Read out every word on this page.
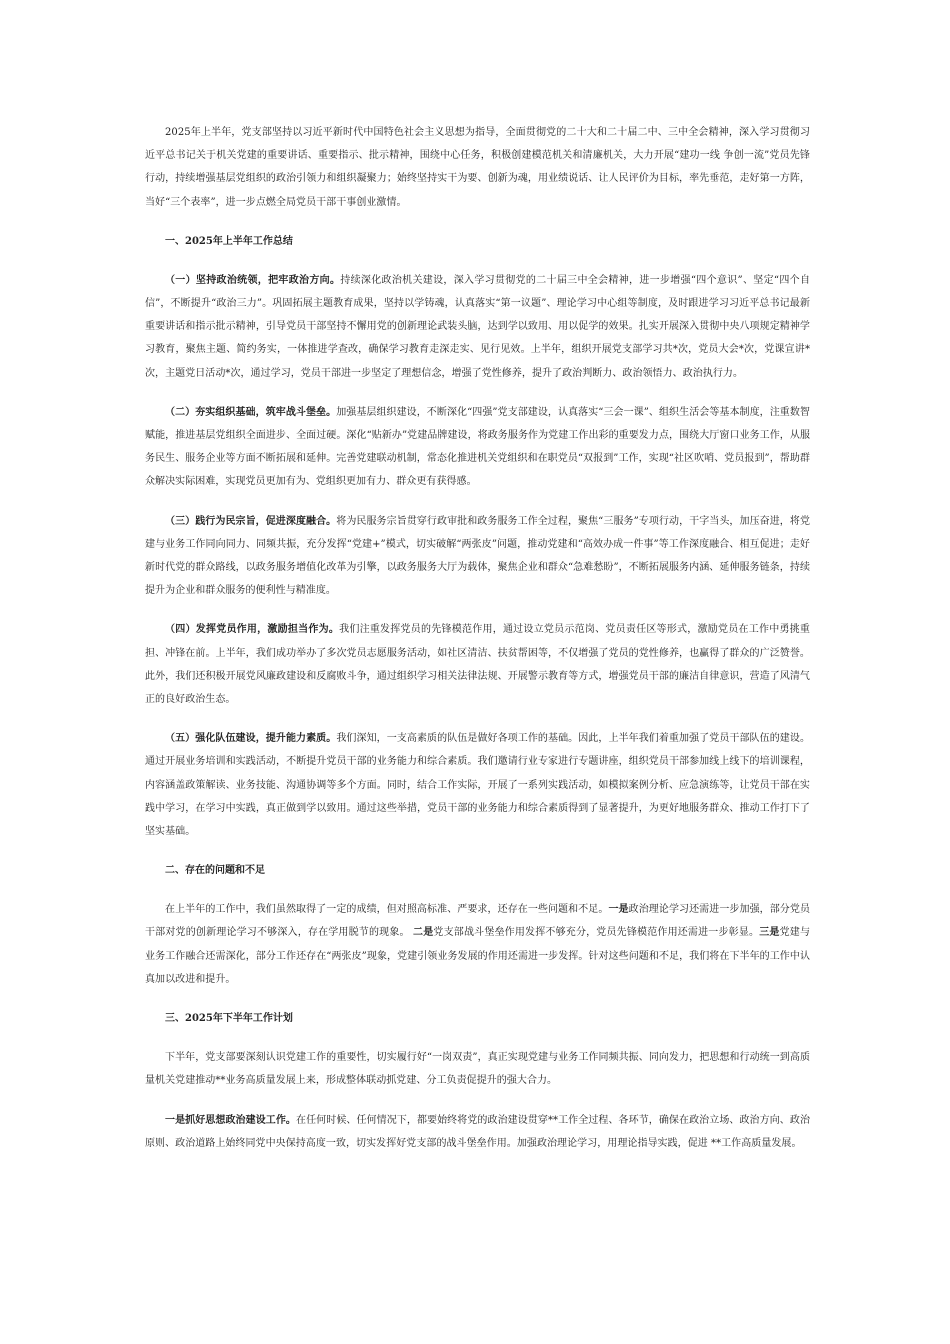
2025年上半年，党支部坚持以习近平新时代中国特色社会主义思想为指导，全面贯彻党的二十大和二十届二中、三中全会精神，深入学习贯彻习近平总书记关于机关党建的重要讲话、重要指示、批示精神，围绕中心任务，积极创建模范机关和清廉机关，大力开展“建功一线 争创一流”党员先锋行动，持续增强基层党组织的政治引领力和组织凝聚力；始终坚持实干为要、创新为魂，用业绩说话、让人民评价为目标，率先垂范，走好第一方阵，当好“三个表率”，进一步点燃全局党员干部干事创业激情。

一、2025年上半年工作总结

（一）坚持政治统领，把牢政治方向。持续深化政治机关建设，深入学习贯彻党的二十届三中全会精神，进一步增强“四个意识”、坚定“四个自信”，不断提升“政治三力”。巩固拓展主题教育成果，坚持以学铸魂，认真落实“第一议题”、理论学习中心组等制度，及时跟进学习习近平总书记最新重要讲话和指示批示精神，引导党员干部坚持不懈用党的创新理论武装头脑，达到学以致用、用以促学的效果。扎实开展深入贯彻中央八项规定精神学习教育，聚焦主题、简约务实，一体推进学查改，确保学习教育走深走实、见行见效。上半年，组织开展党支部学习共*次，党员大会*次，党课宣讲*次，主题党日活动*次，通过学习，党员干部进一步坚定了理想信念，增强了党性修养，提升了政治判断力、政治领悟力、政治执行力。

（二）夯实组织基础，筑牢战斗堡垒。加强基层组织建设，不断深化“四强”党支部建设，认真落实“三会一课”、组织生活会等基本制度，注重数智赋能，推进基层党组织全面进步、全面过硬。深化“贴新办”党建品牌建设，将政务服务作为党建工作出彩的重要发力点，围绕大厅窗口业务工作，从服务民生、服务企业等方面不断拓展和延伸。完善党建联动机制，常态化推进机关党组织和在职党员“双报到”工作，实现“社区吹哨、党员报到”，帮助群众解决实际困难，实现党员更加有为、党组织更加有力、群众更有获得感。

（三）践行为民宗旨，促进深度融合。将为民服务宗旨贯穿行政审批和政务服务工作全过程，聚焦“三服务”专项行动，干字当头，加压奋进，将党建与业务工作同向同力、同频共振，充分发挥“党建+”模式，切实破解“两张皮”问题，推动党建和“高效办成一件事”等工作深度融合、相互促进；走好新时代党的群众路线，以政务服务增值化改革为引擎，以政务服务大厅为载体，聚焦企业和群众“急难愁盼”，不断拓展服务内涵、延伸服务链条，持续提升为企业和群众服务的便利性与精准度。

（四）发挥党员作用，激励担当作为。我们注重发挥党员的先锋模范作用，通过设立党员示范岗、党员责任区等形式，激励党员在工作中勇挑重担、冲锋在前。上半年，我们成功举办了多次党员志愿服务活动，如社区清洁、扶贫帮困等，不仅增强了党员的党性修养，也赢得了群众的广泛赞誉。此外，我们还积极开展党风廉政建设和反腐败斗争，通过组织学习相关法律法规、开展警示教育等方式，增强党员干部的廉洁自律意识，营造了风清气正的良好政治生态。

（五）强化队伍建设，提升能力素质。我们深知，一支高素质的队伍是做好各项工作的基础。因此，上半年我们着重加强了党员干部队伍的建设。通过开展业务培训和实践活动，不断提升党员干部的业务能力和综合素质。我们邀请行业专家进行专题讲座，组织党员干部参加线上线下的培训课程，内容涵盖政策解读、业务技能、沟通协调等多个方面。同时，结合工作实际，开展了一系列实践活动，如模拟案例分析、应急演练等，让党员干部在实践中学习，在学习中实践，真正做到学以致用。通过这些举措，党员干部的业务能力和综合素质得到了显著提升，为更好地服务群众、推动工作打下了坚实基础。

二、存在的问题和不足

在上半年的工作中，我们虽然取得了一定的成绩，但对照高标准、严要求，还存在一些问题和不足。一是政治理论学习还需进一步加强，部分党员干部对党的创新理论学习不够深入，存在学用脱节的现象。 二是党支部战斗堡垒作用发挥不够充分，党员先锋模范作用还需进一步彰显。三是党建与业务工作融合还需深化，部分工作还存在“两张皮”现象，党建引领业务发展的作用还需进一步发挥。针对这些问题和不足，我们将在下半年的工作中认真加以改进和提升。

三、2025年下半年工作计划

下半年，党支部要深刻认识党建工作的重要性，切实履行好“一岗双责”，真正实现党建与业务工作同频共振、同向发力，把思想和行动统一到高质量机关党建推动**业务高质量发展上来，形成整体联动抓党建、分工负责促提升的强大合力。

一是抓好思想政治建设工作。在任何时候、任何情况下，都要始终将党的政治建设贯穿**工作全过程、各环节，确保在政治立场、政治方向、政治原则、政治道路上始终同党中央保持高度一致，切实发挥好党支部的战斗堡垒作用。加强政治理论学习，用理论指导实践，促进 **工作高质量发展。
